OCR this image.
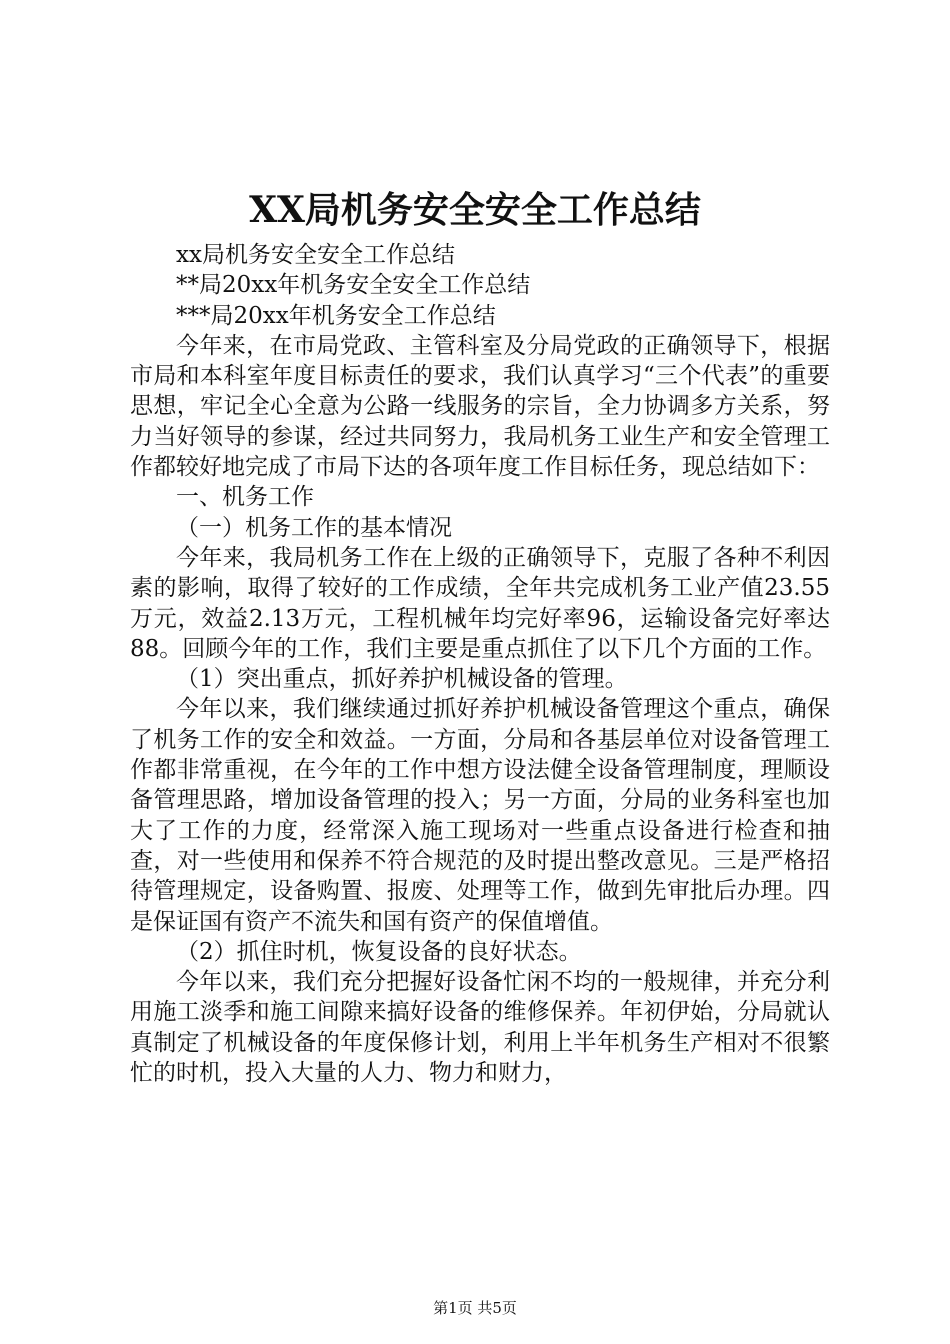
XX局机务安全安全工作总结

xx局机务安全安全工作总结

**局20xx年机务安全安全工作总结

***局20xx年机务安全工作总结

今年来，在市局党政、主管科室及分局党政的正确领导下，根据市局和本科室年度目标责任的要求，我们认真学习“三个代表”的重要思想，牢记全心全意为公路一线服务的宗旨，全力协调多方关系，努力当好领导的参谋，经过共同努力，我局机务工业生产和安全管理工作都较好地完成了市局下达的各项年度工作目标任务，现总结如下：

一、机务工作

（一）机务工作的基本情况

今年来，我局机务工作在上级的正确领导下，克服了各种不利因素的影响，取得了较好的工作成绩，全年共完成机务工业产值23.55万元，效益2.13万元，工程机械年均完好率96，运输设备完好率达88。回顾今年的工作，我们主要是重点抓住了以下几个方面的工作。

（1）突出重点，抓好养护机械设备的管理。

今年以来，我们继续通过抓好养护机械设备管理这个重点，确保了机务工作的安全和效益。一方面，分局和各基层单位对设备管理工作都非常重视，在今年的工作中想方设法健全设备管理制度，理顺设备管理思路，增加设备管理的投入；另一方面，分局的业务科室也加大了工作的力度，经常深入施工现场对一些重点设备进行检查和抽查，对一些使用和保养不符合规范的及时提出整改意见。三是严格招待管理规定，设备购置、报废、处理等工作，做到先审批后办理。四是保证国有资产不流失和国有资产的保值增值。

（2）抓住时机，恢复设备的良好状态。

今年以来，我们充分把握好设备忙闲不均的一般规律，并充分利用施工淡季和施工间隙来搞好设备的维修保养。年初伊始，分局就认真制定了机械设备的年度保修计划，利用上半年机务生产相对不很繁忙的时机，投入大量的人力、物力和财力，

第1页 共5页
